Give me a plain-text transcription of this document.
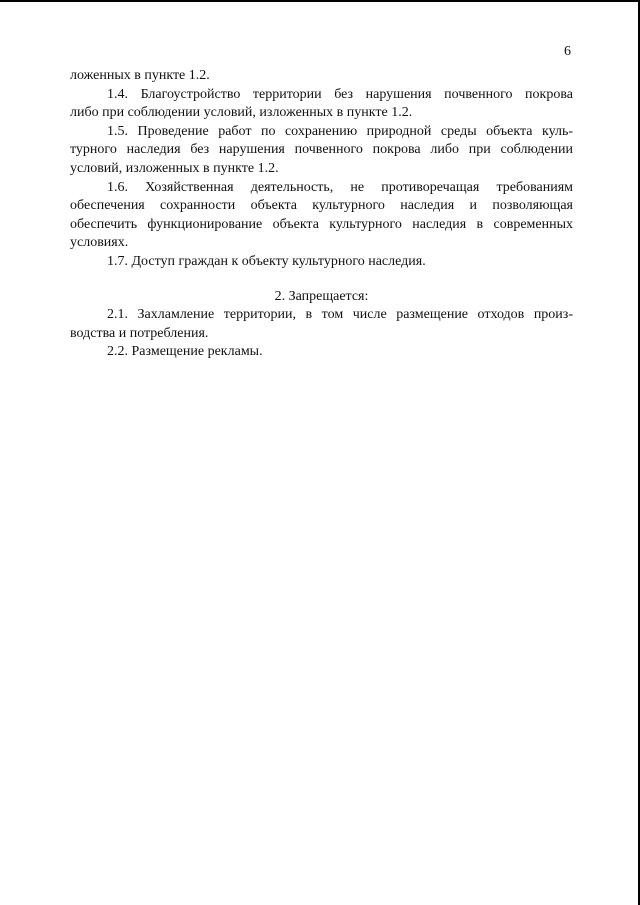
6

ложенных в пункте 1.2.

1.4. Благоустройство территории без нарушения почвенного покрова
либо при соблюдении условий, изложенных в пункте 1.2.

1.5. Проведение работ по сохранению природной среды объекта куль-
турного наследия без нарушения почвенного покрова либо при соблюдении
условий, изложенных в пункте 1.2.

1.6. Хозяйственная деятельность, не противоречащая требованиям
обеспечения сохранности объекта культурного наследия и позволяющая
обеспечить функционирование объекта культурного наследия в современных
условиях.

1.7. Доступ граждан к объекту культурного наследия.

2. Запрещается:

2.1. Захламление территории, в том числе размещение отходов произ-
водства и потребления.

2.2. Размещение рекламы.
